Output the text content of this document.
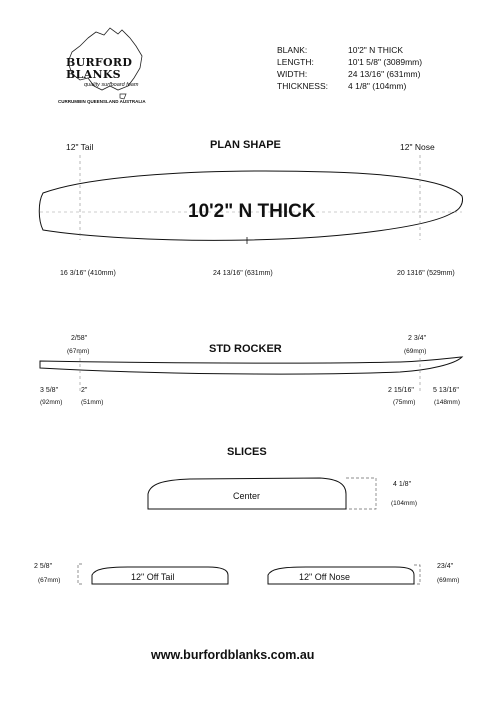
BURFORD BLANKS
quality surfboard foam
CURRUMBIN QUEENSLAND AUSTRALIA
BLANK:	10'2" N THICK
LENGTH:	10'1 5/8" (3089mm)
WIDTH:	24 13/16" (631mm)
THICKNESS:	4 1/8" (104mm)
PLAN SHAPE
12" Tail	12" Nose
10'2" N THICK
16 3/16" (410mm)	24 13/16" (631mm)	20 1316" (529mm)
STD ROCKER
2/58"
(67mm)
2 3/4"
(69mm)
3 5/8"
(92mm)
2"
(51mm)
2 15/16"
(75mm)
5 13/16"
(148mm)
SLICES
Center
4 1/8"
(104mm)
12" Off Tail	12" Off Nose
2 5/8"
(67mm)
23/4"
(69mm)
www.burfordblanks.com.au
